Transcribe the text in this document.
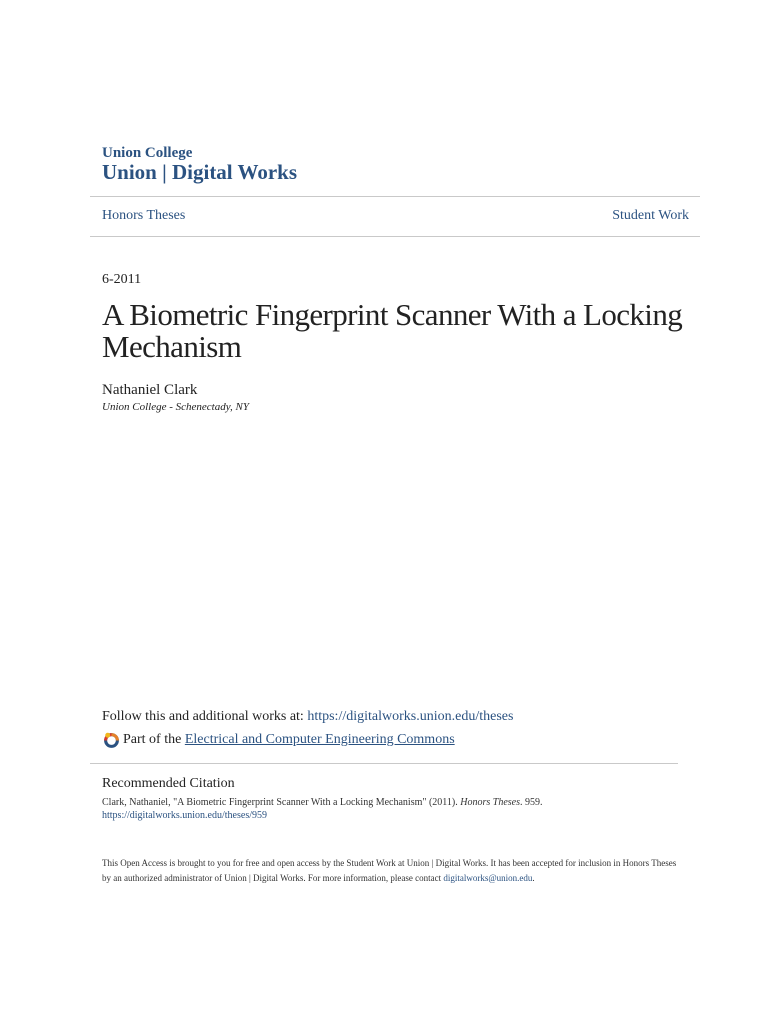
Union College
Union | Digital Works
Honors Theses	Student Work
6-2011
A Biometric Fingerprint Scanner With a Locking Mechanism
Nathaniel Clark
Union College - Schenectady, NY
Follow this and additional works at: https://digitalworks.union.edu/theses
Part of the Electrical and Computer Engineering Commons
Recommended Citation
Clark, Nathaniel, "A Biometric Fingerprint Scanner With a Locking Mechanism" (2011). Honors Theses. 959.
https://digitalworks.union.edu/theses/959
This Open Access is brought to you for free and open access by the Student Work at Union | Digital Works. It has been accepted for inclusion in Honors Theses by an authorized administrator of Union | Digital Works. For more information, please contact digitalworks@union.edu.
